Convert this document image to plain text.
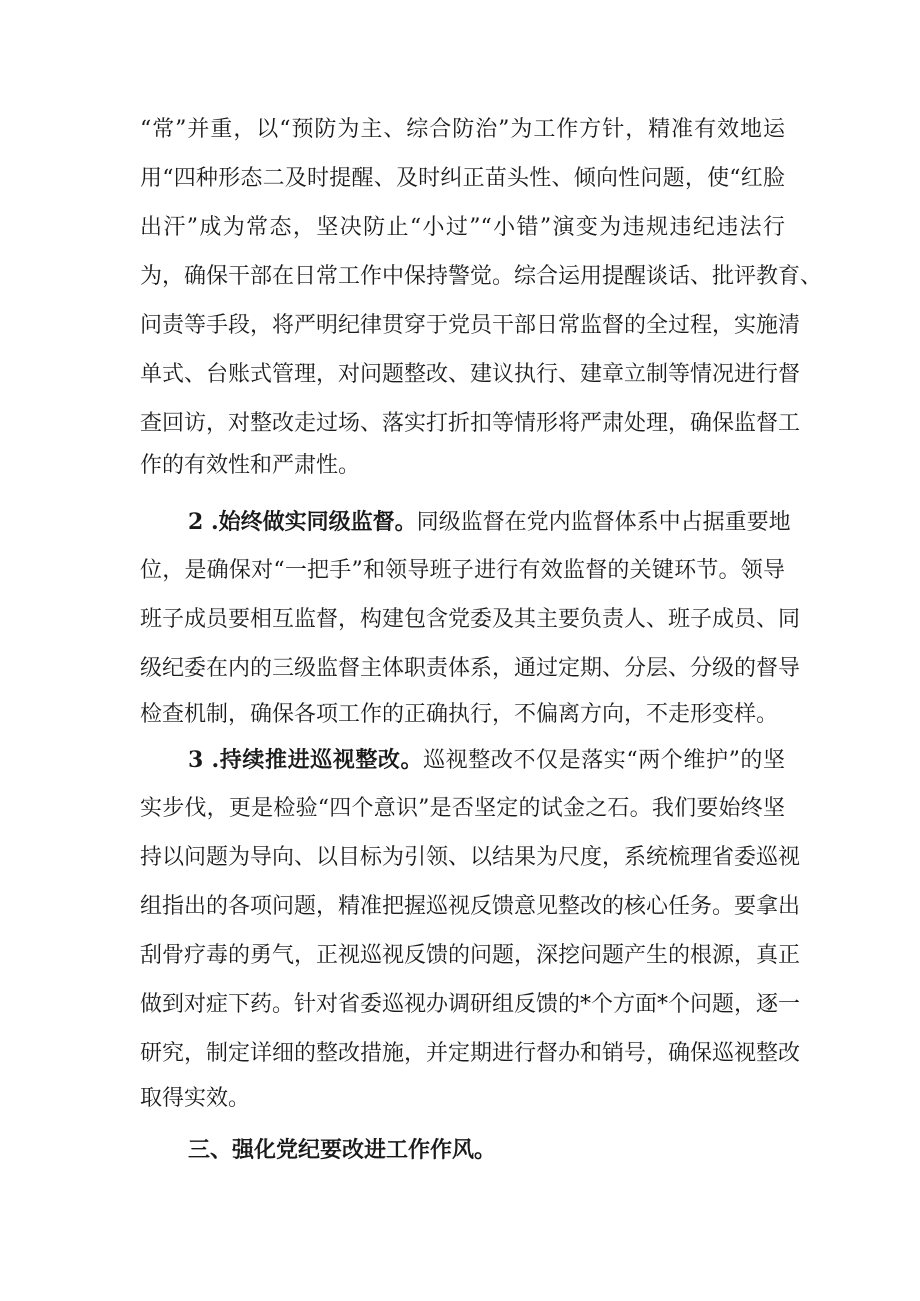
“常”并重，以“预防为主、综合防治”为工作方针，精准有效地运
用“四种形态二及时提醒、及时纠正苗头性、倾向性问题，使“红脸
出汗”成为常态，坚决防止“小过”“小错”演变为违规违纪违法行
为，确保干部在日常工作中保持警觉。综合运用提醒谈话、批评教育、
问责等手段，将严明纪律贯穿于党员干部日常监督的全过程，实施清
单式、台账式管理，对问题整改、建议执行、建章立制等情况进行督
查回访，对整改走过场、落实打折扣等情形将严肃处理，确保监督工
作的有效性和严肃性。
2 .始终做实同级监督。同级监督在党内监督体系中占据重要地
位，是确保对“一把手”和领导班子进行有效监督的关键环节。领导
班子成员要相互监督，构建包含党委及其主要负责人、班子成员、同
级纪委在内的三级监督主体职责体系，通过定期、分层、分级的督导
检查机制，确保各项工作的正确执行，不偏离方向，不走形变样。
3 .持续推进巡视整改。巡视整改不仅是落实“两个维护”的坚
实步伐，更是检验“四个意识”是否坚定的试金之石。我们要始终坚
持以问题为导向、以目标为引领、以结果为尺度，系统梳理省委巡视
组指出的各项问题，精准把握巡视反馈意见整改的核心任务。要拿出
刮骨疗毒的勇气，正视巡视反馈的问题，深挖问题产生的根源，真正
做到对症下药。针对省委巡视办调研组反馈的*个方面*个问题，逐一
研究，制定详细的整改措施，并定期进行督办和销号，确保巡视整改
取得实效。
三、强化党纪要改进工作作风。
